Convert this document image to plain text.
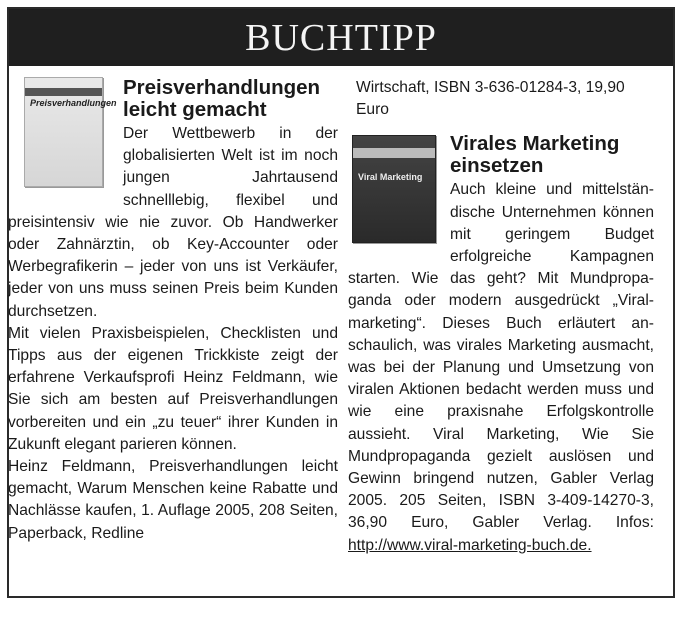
BUCHTIPP
Preisverhandlungen
Preisverhandlungen leicht gemacht

Der Wettbewerb in der globalisierten Welt ist im noch jungen Jahrtausend schnelllebig, flexibel und preisintensiv wie nie zuvor. Ob Handwerker oder Zahnärztin, ob Key-Accounter oder Werbegrafikerin – jeder von uns ist Verkäufer, jeder von uns muss seinen Preis beim Kunden durchsetzen.

Mit vielen Praxisbeispielen, Checklisten und Tipps aus der eigenen Trickkiste zeigt der erfahrene Verkaufsprofi Heinz Feldmann, wie Sie sich am besten auf Preisverhandlungen vorbereiten und ein „zu teuer“ ihrer Kunden in Zukunft elegant parieren können.

Heinz Feldmann, Preisverhandlungen leicht gemacht, Warum Menschen keine Rabatte und Nachlässe kaufen, 1. Auflage 2005, 208 Seiten, Paperback, Redline

Wirtschaft, ISBN 3-636-01284-3, 19,90 Euro

Viral Marketing
Virales Marketing einsetzen

Auch kleine und mittelständische Unternehmen können mit geringem Budget erfolgreiche Kampagnen starten. Wie das geht? Mit Mundpropaganda oder modern ausgedrückt „Viralmarketing“. Dieses Buch erläutert anschaulich, was virales Marketing ausmacht, was bei der Planung und Umsetzung von viralen Aktionen bedacht werden muss und wie eine praxisnahe Erfolgskontrolle aussieht. Viral Marketing, Wie Sie Mundpropaganda gezielt auslösen und Gewinn bringend nutzen, Gabler Verlag 2005. 205 Seiten, ISBN 3-409-14270-3, 36,90 Euro, Gabler Verlag. Infos: http://www.viral-marketing-buch.de.
